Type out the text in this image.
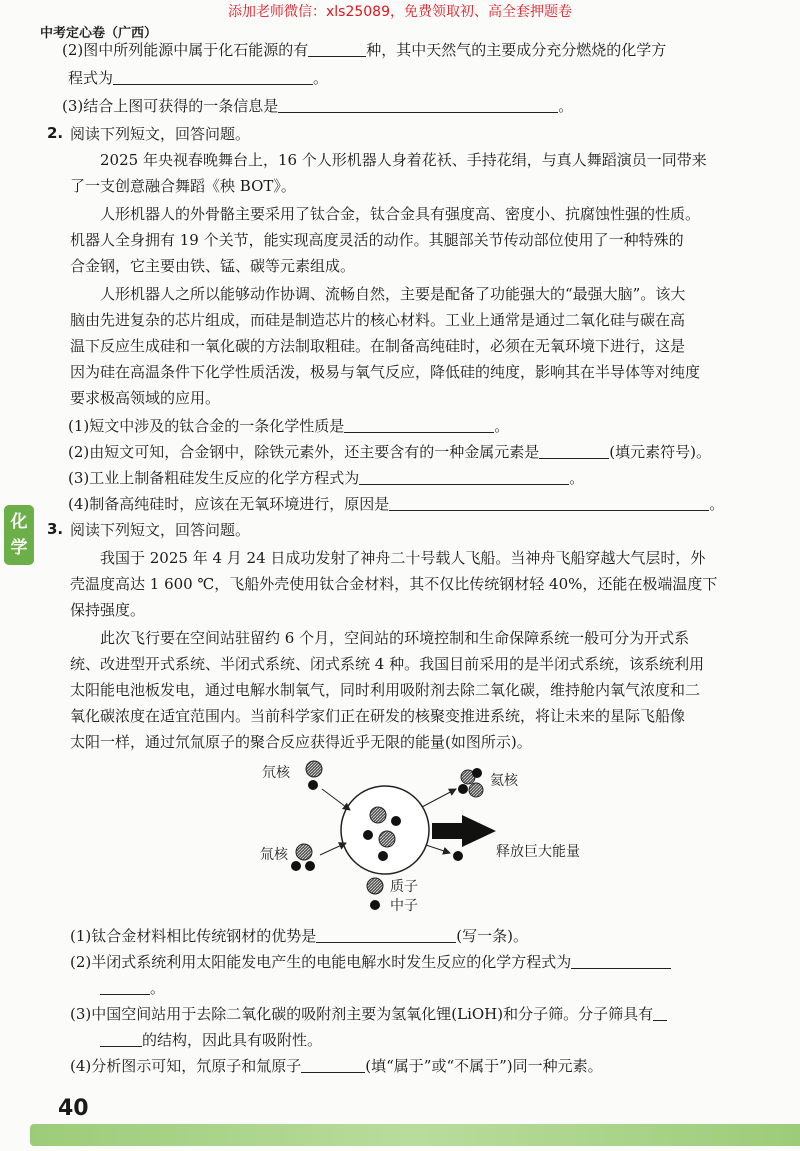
添加老师微信：xls25089，免费领取初、高全套押题卷
中考定心卷（广西）
(2)图中所列能源中属于化石能源的有	种，其中天然气的主要成分充分燃烧的化学方
程式为	。
(3)结合上图可获得的一条信息是	。
2. 阅读下列短文，回答问题。
2025 年央视春晚舞台上，16 个人形机器人身着花袄、手持花绢，与真人舞蹈演员一同带来
了一支创意融合舞蹈《秧 BOT》。
人形机器人的外骨骼主要采用了钛合金，钛合金具有强度高、密度小、抗腐蚀性强的性质。
机器人全身拥有 19 个关节，能实现高度灵活的动作。其腿部关节传动部位使用了一种特殊的
合金钢，它主要由铁、锰、碳等元素组成。
人形机器人之所以能够动作协调、流畅自然，主要是配备了功能强大的“最强大脑”。该大
脑由先进复杂的芯片组成，而硅是制造芯片的核心材料。工业上通常是通过二氧化硅与碳在高
温下反应生成硅和一氧化碳的方法制取粗硅。在制备高纯硅时，必须在无氧环境下进行，这是
因为硅在高温条件下化学性质活泼，极易与氧气反应，降低硅的纯度，影响其在半导体等对纯度
要求极高领域的应用。
(1)短文中涉及的钛合金的一条化学性质是	。
(2)由短文可知，合金钢中，除铁元素外，还主要含有的一种金属元素是	(填元素符号)。
(3)工业上制备粗硅发生反应的化学方程式为	。
(4)制备高纯硅时，应该在无氧环境进行，原因是	。
化学
3. 阅读下列短文，回答问题。
我国于 2025 年 4 月 24 日成功发射了神舟二十号载人飞船。当神舟飞船穿越大气层时，外
壳温度高达 1 600 ℃，飞船外壳使用钛合金材料，其不仅比传统钢材轻 40%，还能在极端温度下
保持强度。
此次飞行要在空间站驻留约 6 个月，空间站的环境控制和生命保障系统一般可分为开式系
统、改进型开式系统、半闭式系统、闭式系统 4 种。我国目前采用的是半闭式系统，该系统利用
太阳能电池板发电，通过电解水制氧气，同时利用吸附剂去除二氧化碳，维持舱内氧气浓度和二
氧化碳浓度在适宜范围内。当前科学家们正在研发的核聚变推进系统，将让未来的星际飞船像
太阳一样，通过氘氚原子的聚合反应获得近乎无限的能量(如图所示)。
氘核
氚核
氦核
释放巨大能量
质子
中子
(1)钛合金材料相比传统钢材的优势是	(写一条)。
(2)半闭式系统利用太阳能发电产生的电能电解水时发生反应的化学方程式为
。
(3)中国空间站用于去除二氧化碳的吸附剂主要为氢氧化锂(LiOH)和分子筛。分子筛具有
的结构，因此具有吸附性。
(4)分析图示可知，氘原子和氚原子	(填“属于”或“不属于”)同一种元素。
40
